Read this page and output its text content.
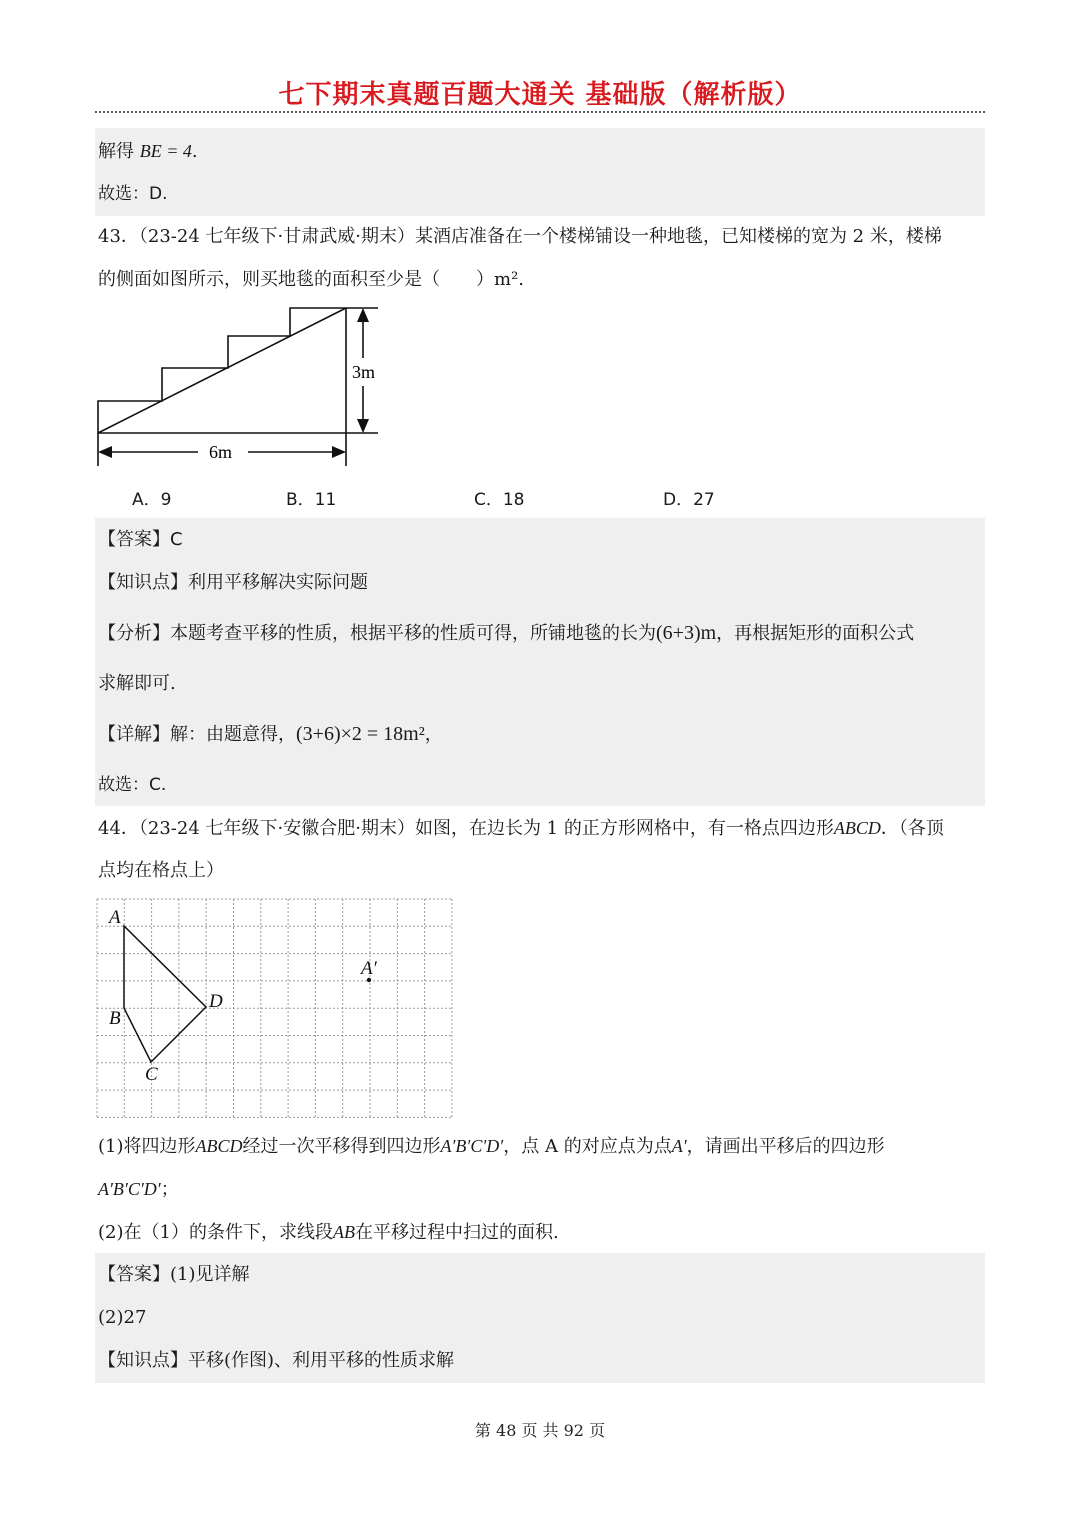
七下期末真题百题大通关 基础版（解析版）
解得 BE = 4.
故选：D.
43．（23-24 七年级下·甘肃武威·期末）某酒店准备在一个楼梯铺设一种地毯，已知楼梯的宽为 2 米，楼梯
的侧面如图所示，则买地毯的面积至少是（　　）m².
3m
6m
A．9	B．11	C．18	D．27
【答案】C
【知识点】利用平移解决实际问题
【分析】本题考查平移的性质，根据平移的性质可得，所铺地毯的长为(6+3)m，再根据矩形的面积公式
求解即可.
【详解】解：由题意得，(3+6)×2 = 18m²，
故选：C.
44．（23-24 七年级下·安徽合肥·期末）如图，在边长为 1 的正方形网格中，有一格点四边形ABCD．（各顶
点均在格点上）
A
B
C
D
A′
(1)将四边形ABCD经过一次平移得到四边形A′B′C′D′，点 A 的对应点为点A′，请画出平移后的四边形
A′B′C′D′；
(2)在（1）的条件下，求线段AB在平移过程中扫过的面积.
【答案】(1)见详解
(2)27
【知识点】平移(作图)、利用平移的性质求解
第 48 页 共 92 页
